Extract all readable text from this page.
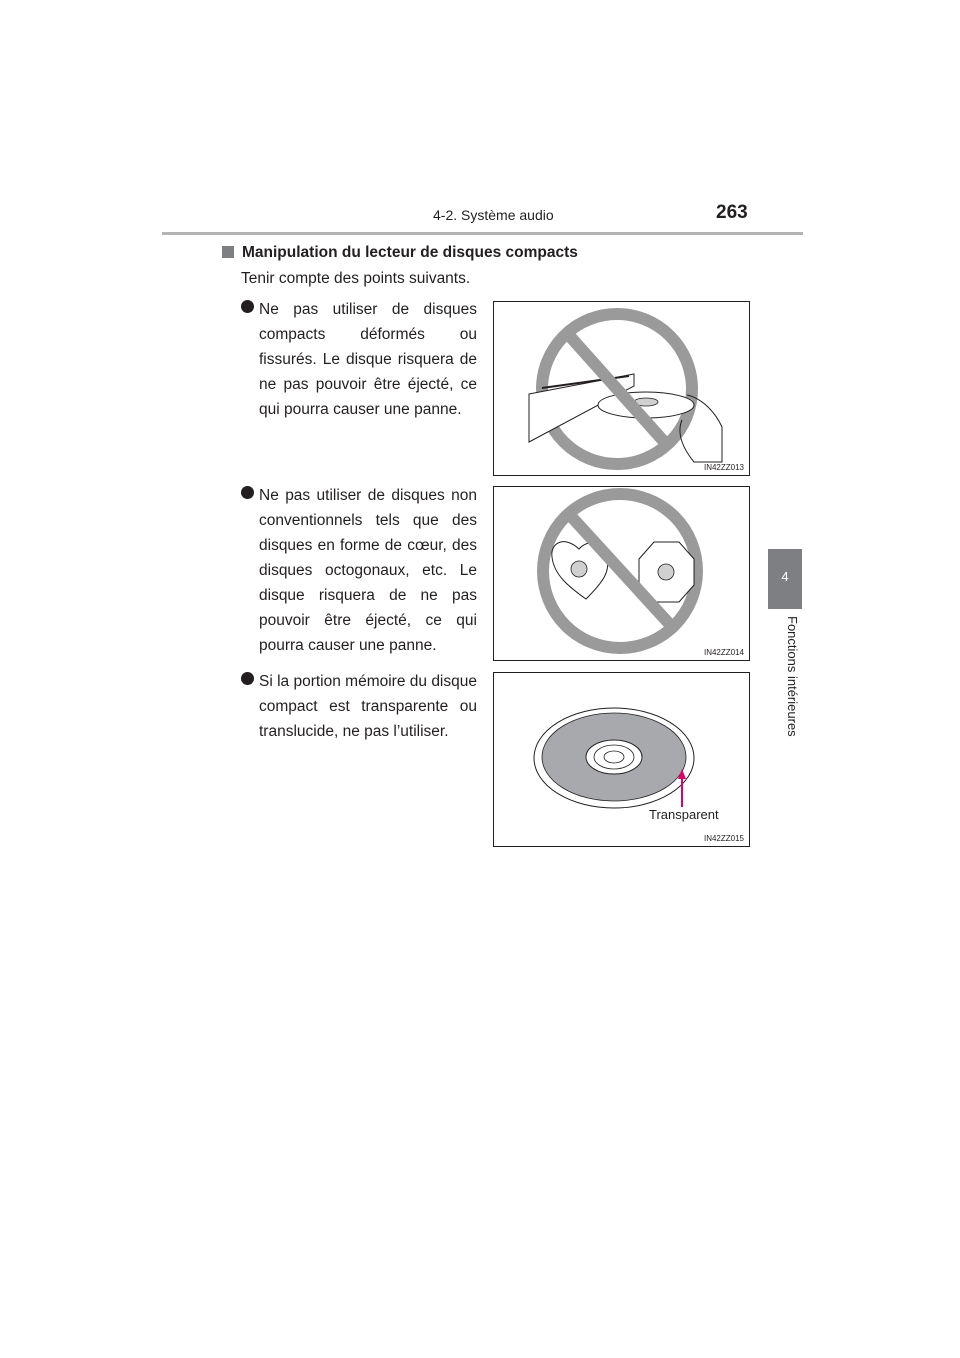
4-2. Système audio	263
4
Fonctions intérieures
Manipulation du lecteur de disques compacts
Tenir compte des points suivants.
Ne pas utiliser de disques compacts déformés ou fissurés. Le disque risquera de ne pas pouvoir être éjecté, ce qui pourra causer une panne.
Ne pas utiliser de disques non conventionnels tels que des disques en forme de cœur, des disques octogonaux, etc. Le disque risquera de ne pas pouvoir être éjecté, ce qui pourra causer une panne.
Si la portion mémoire du disque compact est transparente ou translucide, ne pas l’utiliser.
IN42ZZ013
IN42ZZ014
Transparent
IN42ZZ015
